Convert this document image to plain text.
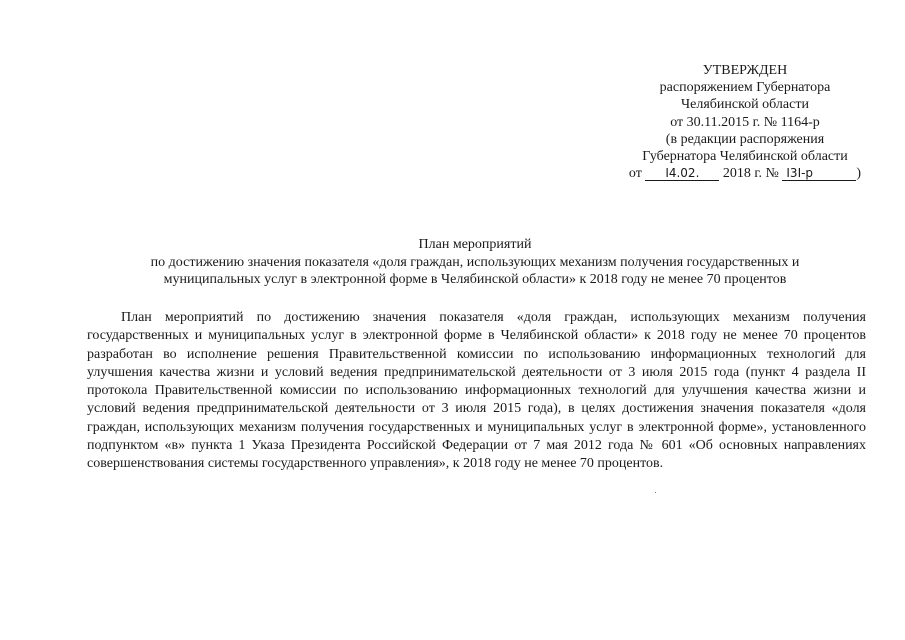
УТВЕРЖДЕН
распоряжением Губернатора
Челябинской области
от 30.11.2015 г. № 1164-р
(в редакции распоряжения
Губернатора Челябинской области
от I4.02. 2018 г. № I3I-р	)
План мероприятий
по достижению значения показателя «доля граждан, использующих механизм получения государственных и
муниципальных услуг в электронной форме в Челябинской области» к 2018 году не менее 70 процентов

План мероприятий по достижению значения показателя «доля граждан, использующих механизм получения государственных и муниципальных услуг в электронной форме в Челябинской области» к 2018 году не менее 70 процентов разработан во исполнение решения Правительственной комиссии по использованию информационных технологий для улучшения качества жизни и условий ведения предпринимательской деятельности от 3 июля 2015 года (пункт 4 раздела II протокола Правительственной комиссии по использованию информационных технологий для улучшения качества жизни и условий ведения предпринимательской деятельности от 3 июля 2015 года), в целях достижения значения показателя «доля граждан, использующих механизм получения государственных и муниципальных услуг в электронной форме», установленного подпунктом «в» пункта 1 Указа Президента Российской Федерации от 7 мая 2012 года № 601 «Об основных направлениях совершенствования системы государственного управления», к 2018 году не менее 70 процентов.
